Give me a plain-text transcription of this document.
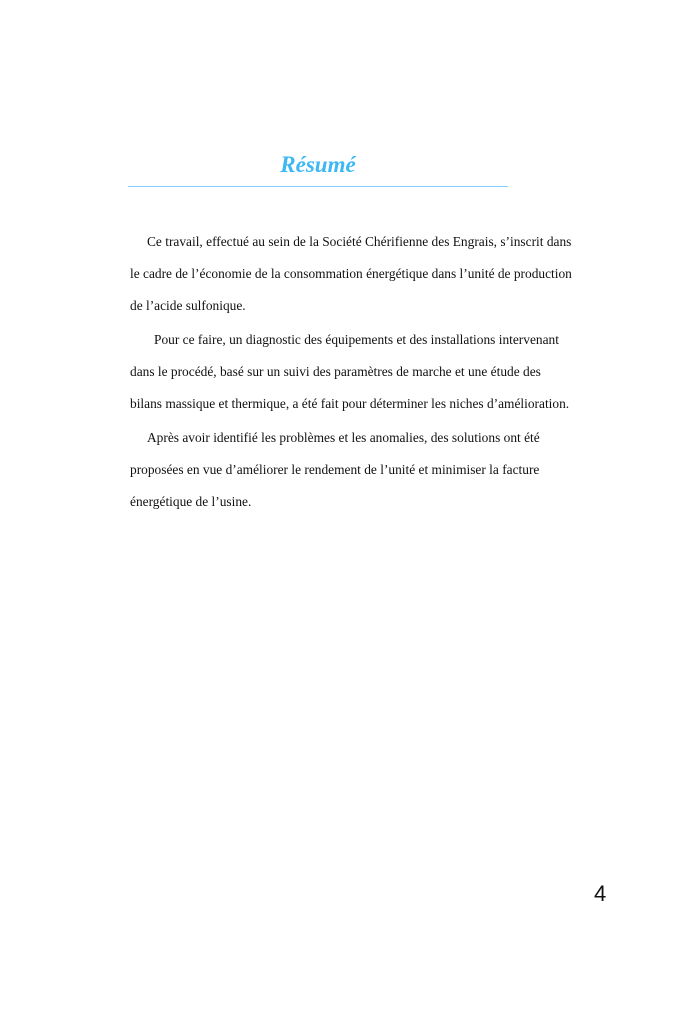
Résumé

Ce travail, effectué au sein de la Société Chérifienne des Engrais, s’inscrit dans
le cadre de l’économie de la consommation énergétique dans l’unité de production
de l’acide sulfonique.

Pour ce faire, un diagnostic des équipements et des installations intervenant
dans le procédé, basé sur un suivi des paramètres de marche et une étude des
bilans massique et thermique, a été fait pour déterminer les niches d’amélioration.

Après avoir identifié les problèmes et les anomalies, des solutions ont été
proposées en vue d’améliorer le rendement de l’unité et minimiser la facture
énergétique de l’usine.

4
